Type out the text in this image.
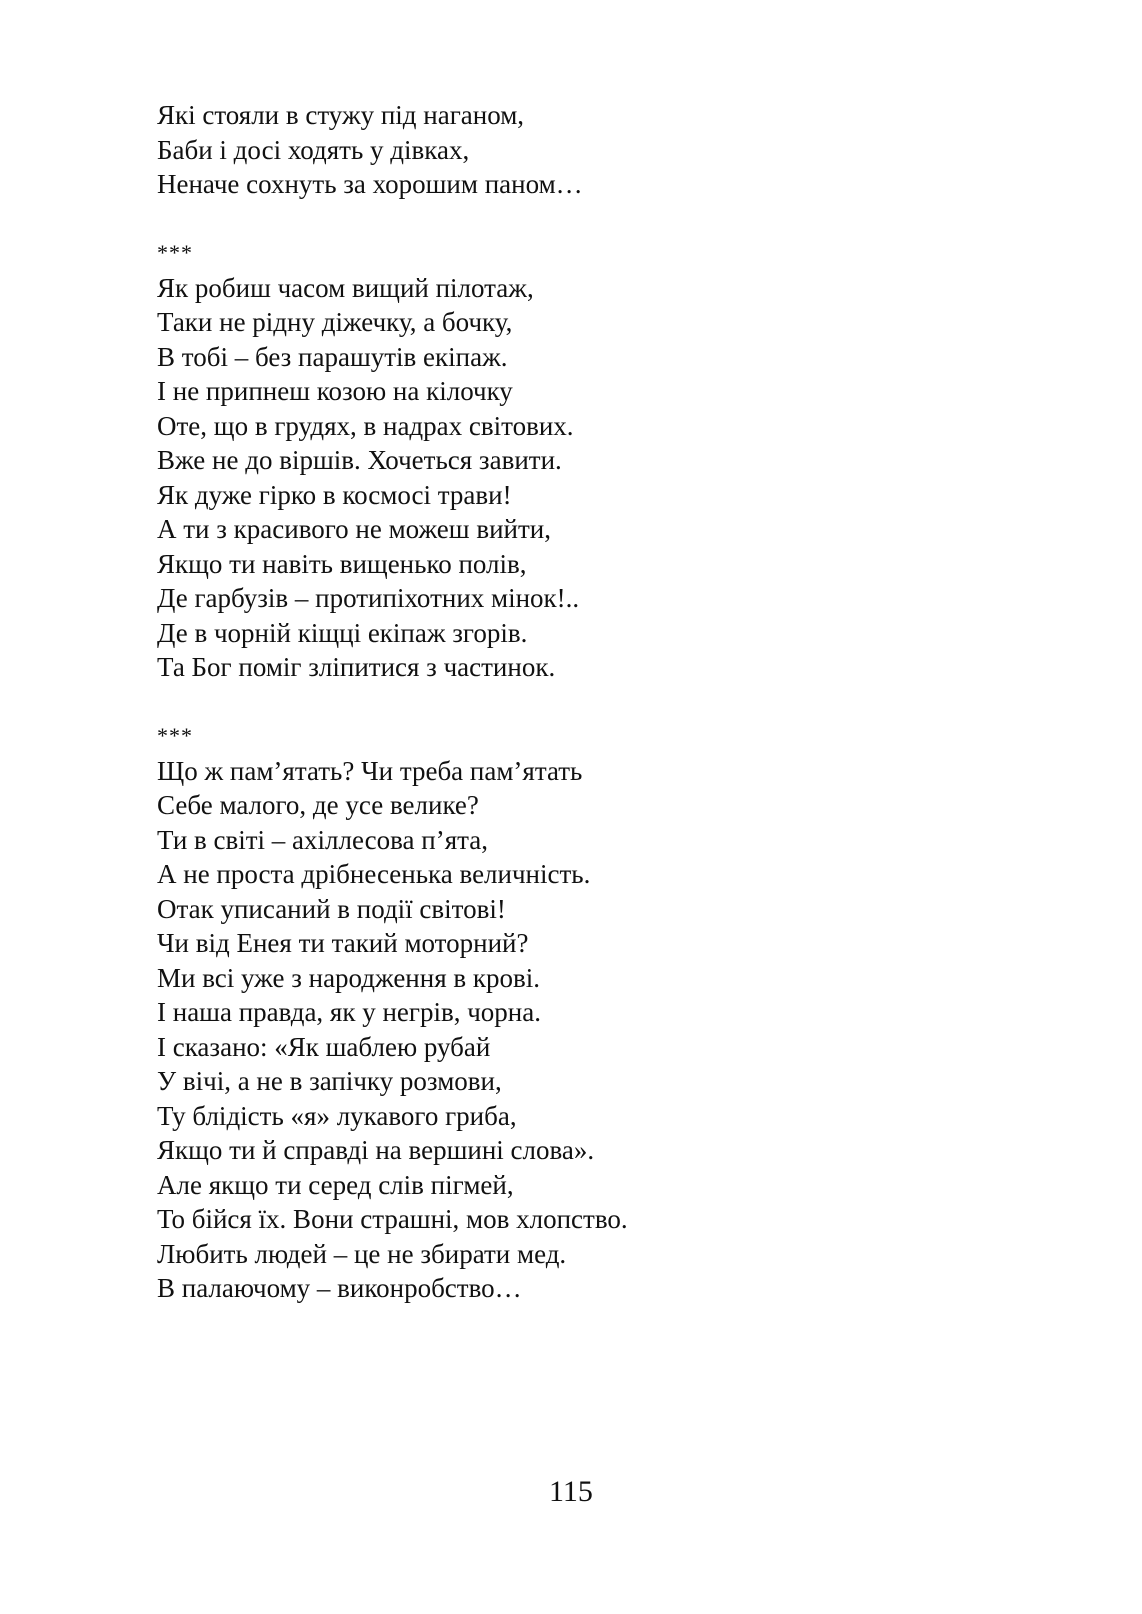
Які стояли в стужу під наганом,
Баби і досі ходять у дівках,
Неначе сохнуть за хорошим паном…
***
Як робиш часом вищий пілотаж,
Таки не рідну діжечку, а бочку,
В тобі – без парашутів екіпаж.
І не припнеш козою на кілочку
Оте, що в грудях, в надрах світових.
Вже не до віршів. Хочеться завити.
Як дуже гірко в космосі трави!
А ти з красивого не можеш вийти,
Якщо ти навіть вищенько полів,
Де гарбузів – протипіхотних мінок!..
Де в чорній кіщці екіпаж згорів.
Та Бог поміг зліпитися з частинок.
***
Що ж пам’ятать? Чи треба пам’ятать
Себе малого, де усе велике?
Ти в світі – ахіллесова п’ята,
А не проста дрібнесенька величність.
Отак уписаний в події світові!
Чи від Енея ти такий моторний?
Ми всі уже з народження в крові.
І наша правда, як у негрів, чорна.
І сказано: «Як шаблею рубай
У вічі, а не в запічку розмови,
Ту блідість «я» лукавого гриба,
Якщо ти й справді на вершині слова».
Але якщо ти серед слів пігмей,
То бійся їх. Вони страшні, мов хлопство.
Любить людей – це не збирати мед.
В палаючому – виконробство…
115
